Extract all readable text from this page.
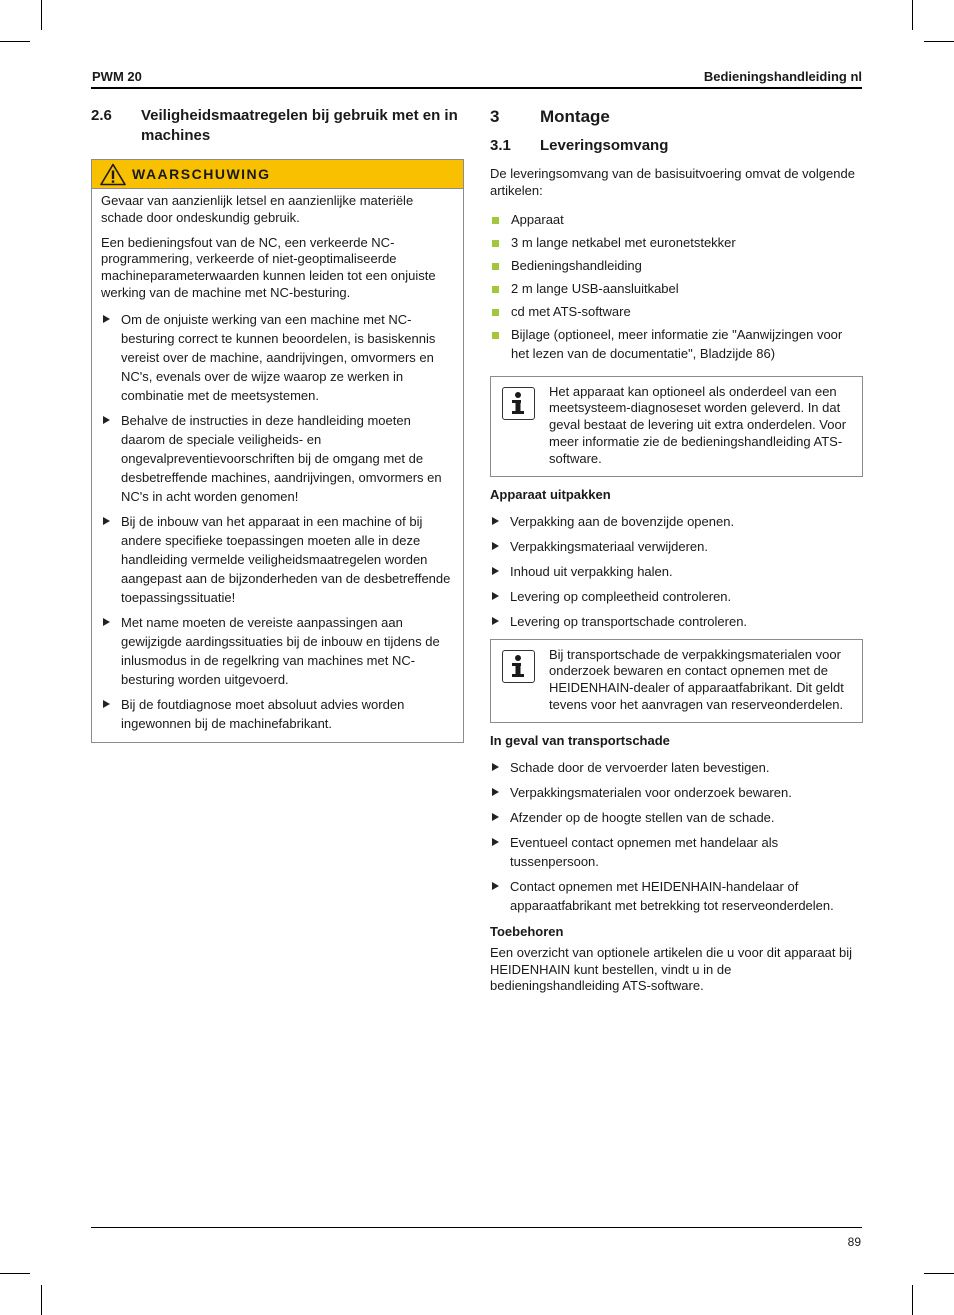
PWM 20	Bedieningshandleiding nl
2.6 Veiligheidsmaatregelen bij gebruik met en in machines
WAARSCHUWING

Gevaar van aanzienlijk letsel en aanzienlijke materiële schade door ondeskundig gebruik.

Een bedieningsfout van de NC, een verkeerde NC-programmering, verkeerde of niet-geoptimaliseerde machineparameterwaarden kunnen leiden tot een onjuiste werking van de machine met NC-besturing.

Om de onjuiste werking van een machine met NC-besturing correct te kunnen beoordelen, is basiskennis vereist over de machine, aandrijvingen, omvormers en NC's, evenals over de wijze waarop ze werken in combinatie met de meetsystemen.
Behalve de instructies in deze handleiding moeten daarom de speciale veiligheids- en ongevalpreventievoorschriften bij de omgang met de desbetreffende machines, aandrijvingen, omvormers en NC's in acht worden genomen!
Bij de inbouw van het apparaat in een machine of bij andere specifieke toepassingen moeten alle in deze handleiding vermelde veiligheidsmaatregelen worden aangepast aan de bijzonderheden van de desbetreffende toepassingssituatie!
Met name moeten de vereiste aanpassingen aan gewijzigde aardingssituaties bij de inbouw en tijdens de inlusmodus in de regelkring van machines met NC-besturing worden uitgevoerd.
Bij de foutdiagnose moet absoluut advies worden ingewonnen bij de machinefabrikant.
3 Montage
3.1 Leveringsomvang

De leveringsomvang van de basisuitvoering omvat de volgende artikelen:

Apparaat
3 m lange netkabel met euronetstekker
Bedieningshandleiding
2 m lange USB-aansluitkabel
cd met ATS-software
Bijlage (optioneel, meer informatie zie "Aanwijzingen voor het lezen van de documentatie", Bladzijde 86)
Het apparaat kan optioneel als onderdeel van een meetsysteem-diagnoseset worden geleverd. In dat geval bestaat de levering uit extra onderdelen. Voor meer informatie zie de bedieningshandleiding ATS-software.
Apparaat uitpakken
Verpakking aan de bovenzijde openen.
Verpakkingsmateriaal verwijderen.
Inhoud uit verpakking halen.
Levering op compleetheid controleren.
Levering op transportschade controleren.
Bij transportschade de verpakkingsmaterialen voor onderzoek bewaren en contact opnemen met de HEIDENHAIN-dealer of apparaatfabrikant. Dit geldt tevens voor het aanvragen van reserveonderdelen.
In geval van transportschade
Schade door de vervoerder laten bevestigen.
Verpakkingsmaterialen voor onderzoek bewaren.
Afzender op de hoogte stellen van de schade.
Eventueel contact opnemen met handelaar als tussenpersoon.
Contact opnemen met HEIDENHAIN-handelaar of apparaatfabrikant met betrekking tot reserveonderdelen.
Toebehoren

Een overzicht van optionele artikelen die u voor dit apparaat bij HEIDENHAIN kunt bestellen, vindt u in de bedieningshandleiding ATS-software.

89
